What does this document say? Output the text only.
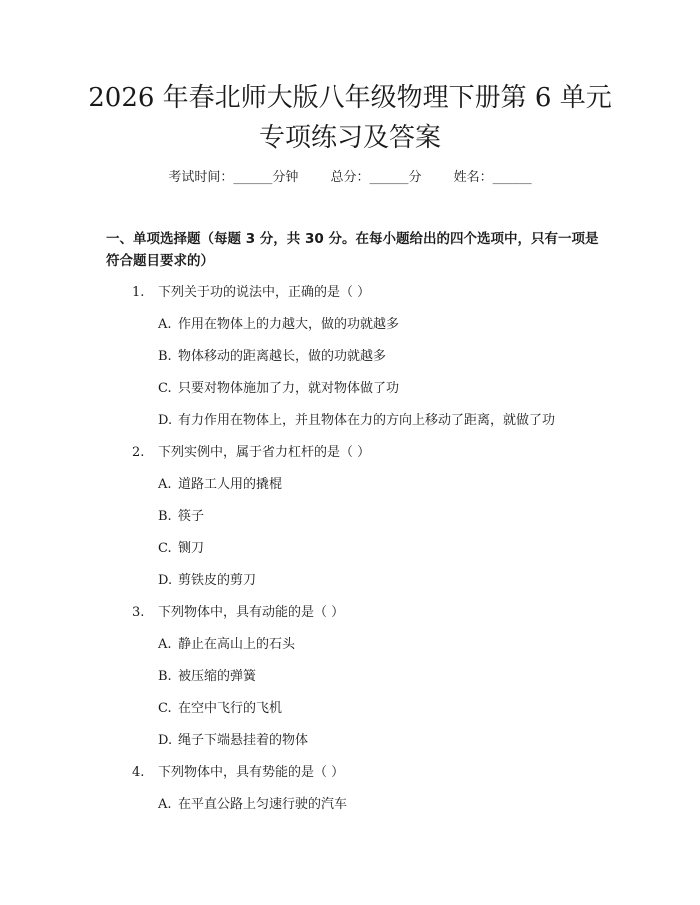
2026 年春北师大版八年级物理下册第 6 单元
专项练习及答案
考试时间：______分钟 总分：______分 姓名：______

一、单项选择题（每题 3 分，共 30 分。在每小题给出的四个选项中，只有一项是符合题目要求的）

1. 下列关于功的说法中，正确的是（ ）
A. 作用在物体上的力越大，做的功就越多
B. 物体移动的距离越长，做的功就越多
C. 只要对物体施加了力，就对物体做了功
D. 有力作用在物体上，并且物体在力的方向上移动了距离，就做了功
2. 下列实例中，属于省力杠杆的是（ ）
A. 道路工人用的撬棍
B. 筷子
C. 铡刀
D. 剪铁皮的剪刀
3. 下列物体中，具有动能的是（ ）
A. 静止在高山上的石头
B. 被压缩的弹簧
C. 在空中飞行的飞机
D. 绳子下端悬挂着的物体
4. 下列物体中，具有势能的是（ ）
A. 在平直公路上匀速行驶的汽车
